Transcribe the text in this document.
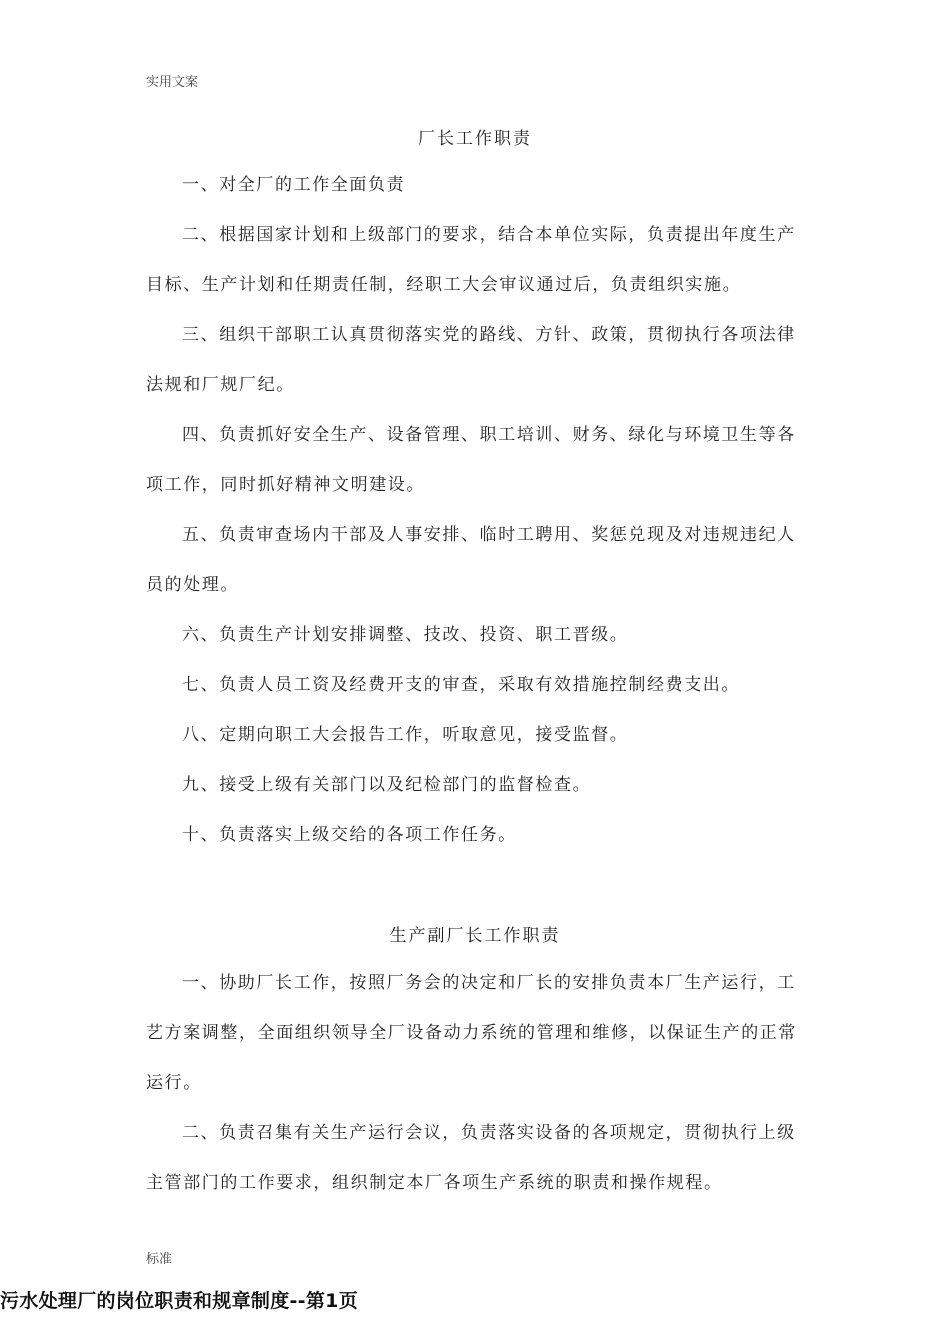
实用文案
厂长工作职责

一、对全厂的工作全面负责

二、根据国家计划和上级部门的要求，结合本单位实际，负责提出年度生产目标、生产计划和任期责任制，经职工大会审议通过后，负责组织实施。

三、组织干部职工认真贯彻落实党的路线、方针、政策，贯彻执行各项法律法规和厂规厂纪。

四、负责抓好安全生产、设备管理、职工培训、财务、绿化与环境卫生等各项工作，同时抓好精神文明建设。

五、负责审查场内干部及人事安排、临时工聘用、奖惩兑现及对违规违纪人员的处理。

六、负责生产计划安排调整、技改、投资、职工晋级。

七、负责人员工资及经费开支的审查，采取有效措施控制经费支出。

八、定期向职工大会报告工作，听取意见，接受监督。

九、接受上级有关部门以及纪检部门的监督检查。

十、负责落实上级交给的各项工作任务。

生产副厂长工作职责

一、协助厂长工作，按照厂务会的决定和厂长的安排负责本厂生产运行，工艺方案调整，全面组织领导全厂设备动力系统的管理和维修，以保证生产的正常运行。

二、负责召集有关生产运行会议，负责落实设备的各项规定，贯彻执行上级主管部门的工作要求，组织制定本厂各项生产系统的职责和操作规程。

标准
污水处理厂的岗位职责和规章制度--第1页
